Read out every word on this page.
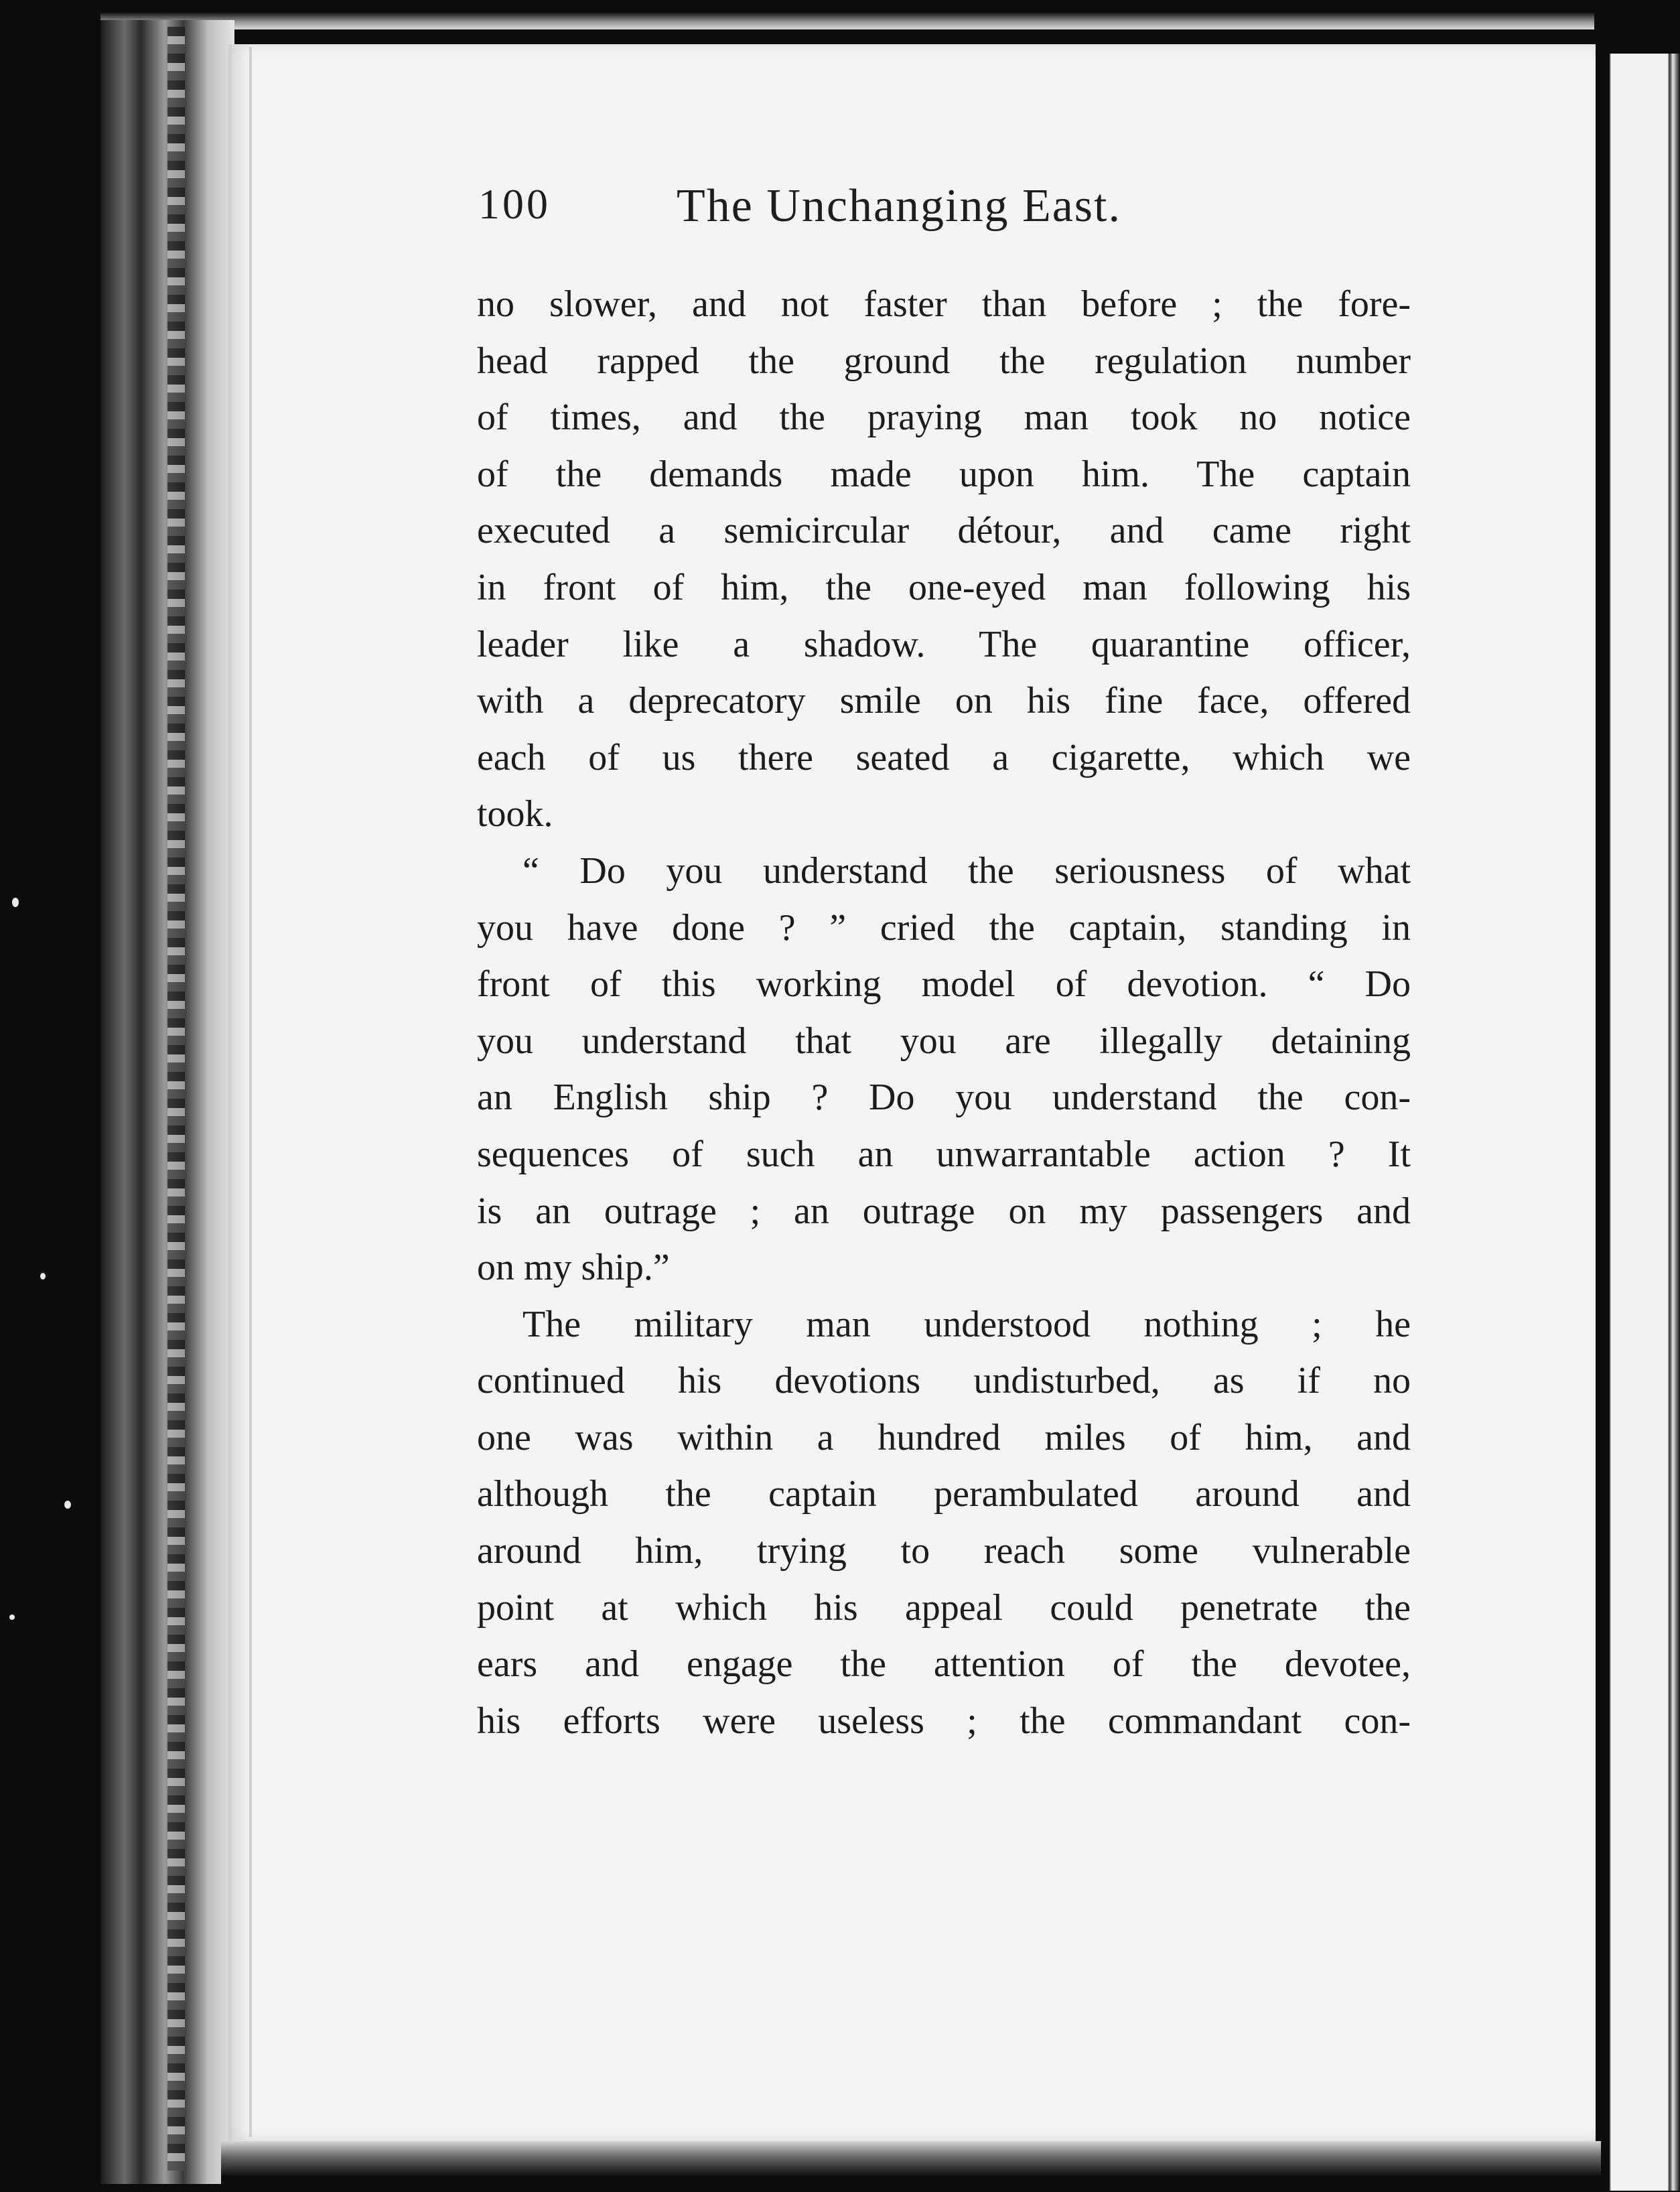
100	The Unchanging East.
no slower, and not faster than before ; the fore-
head rapped the ground the regulation number
of times, and the praying man took no notice
of the demands made upon him. The captain
executed a semicircular détour, and came right
in front of him, the one-eyed man following his
leader like a shadow. The quarantine officer,
with a deprecatory smile on his fine face, offered
each of us there seated a cigarette, which we
took.
“ Do you understand the seriousness of what
you have done ? ” cried the captain, standing in
front of this working model of devotion. “ Do
you understand that you are illegally detaining
an English ship ? Do you understand the con-
sequences of such an unwarrantable action ? It
is an outrage ; an outrage on my passengers and
on my ship.”
The military man understood nothing ; he
continued his devotions undisturbed, as if no
one was within a hundred miles of him, and
although the captain perambulated around and
around him, trying to reach some vulnerable
point at which his appeal could penetrate the
ears and engage the attention of the devotee,
his efforts were useless ; the commandant con-
